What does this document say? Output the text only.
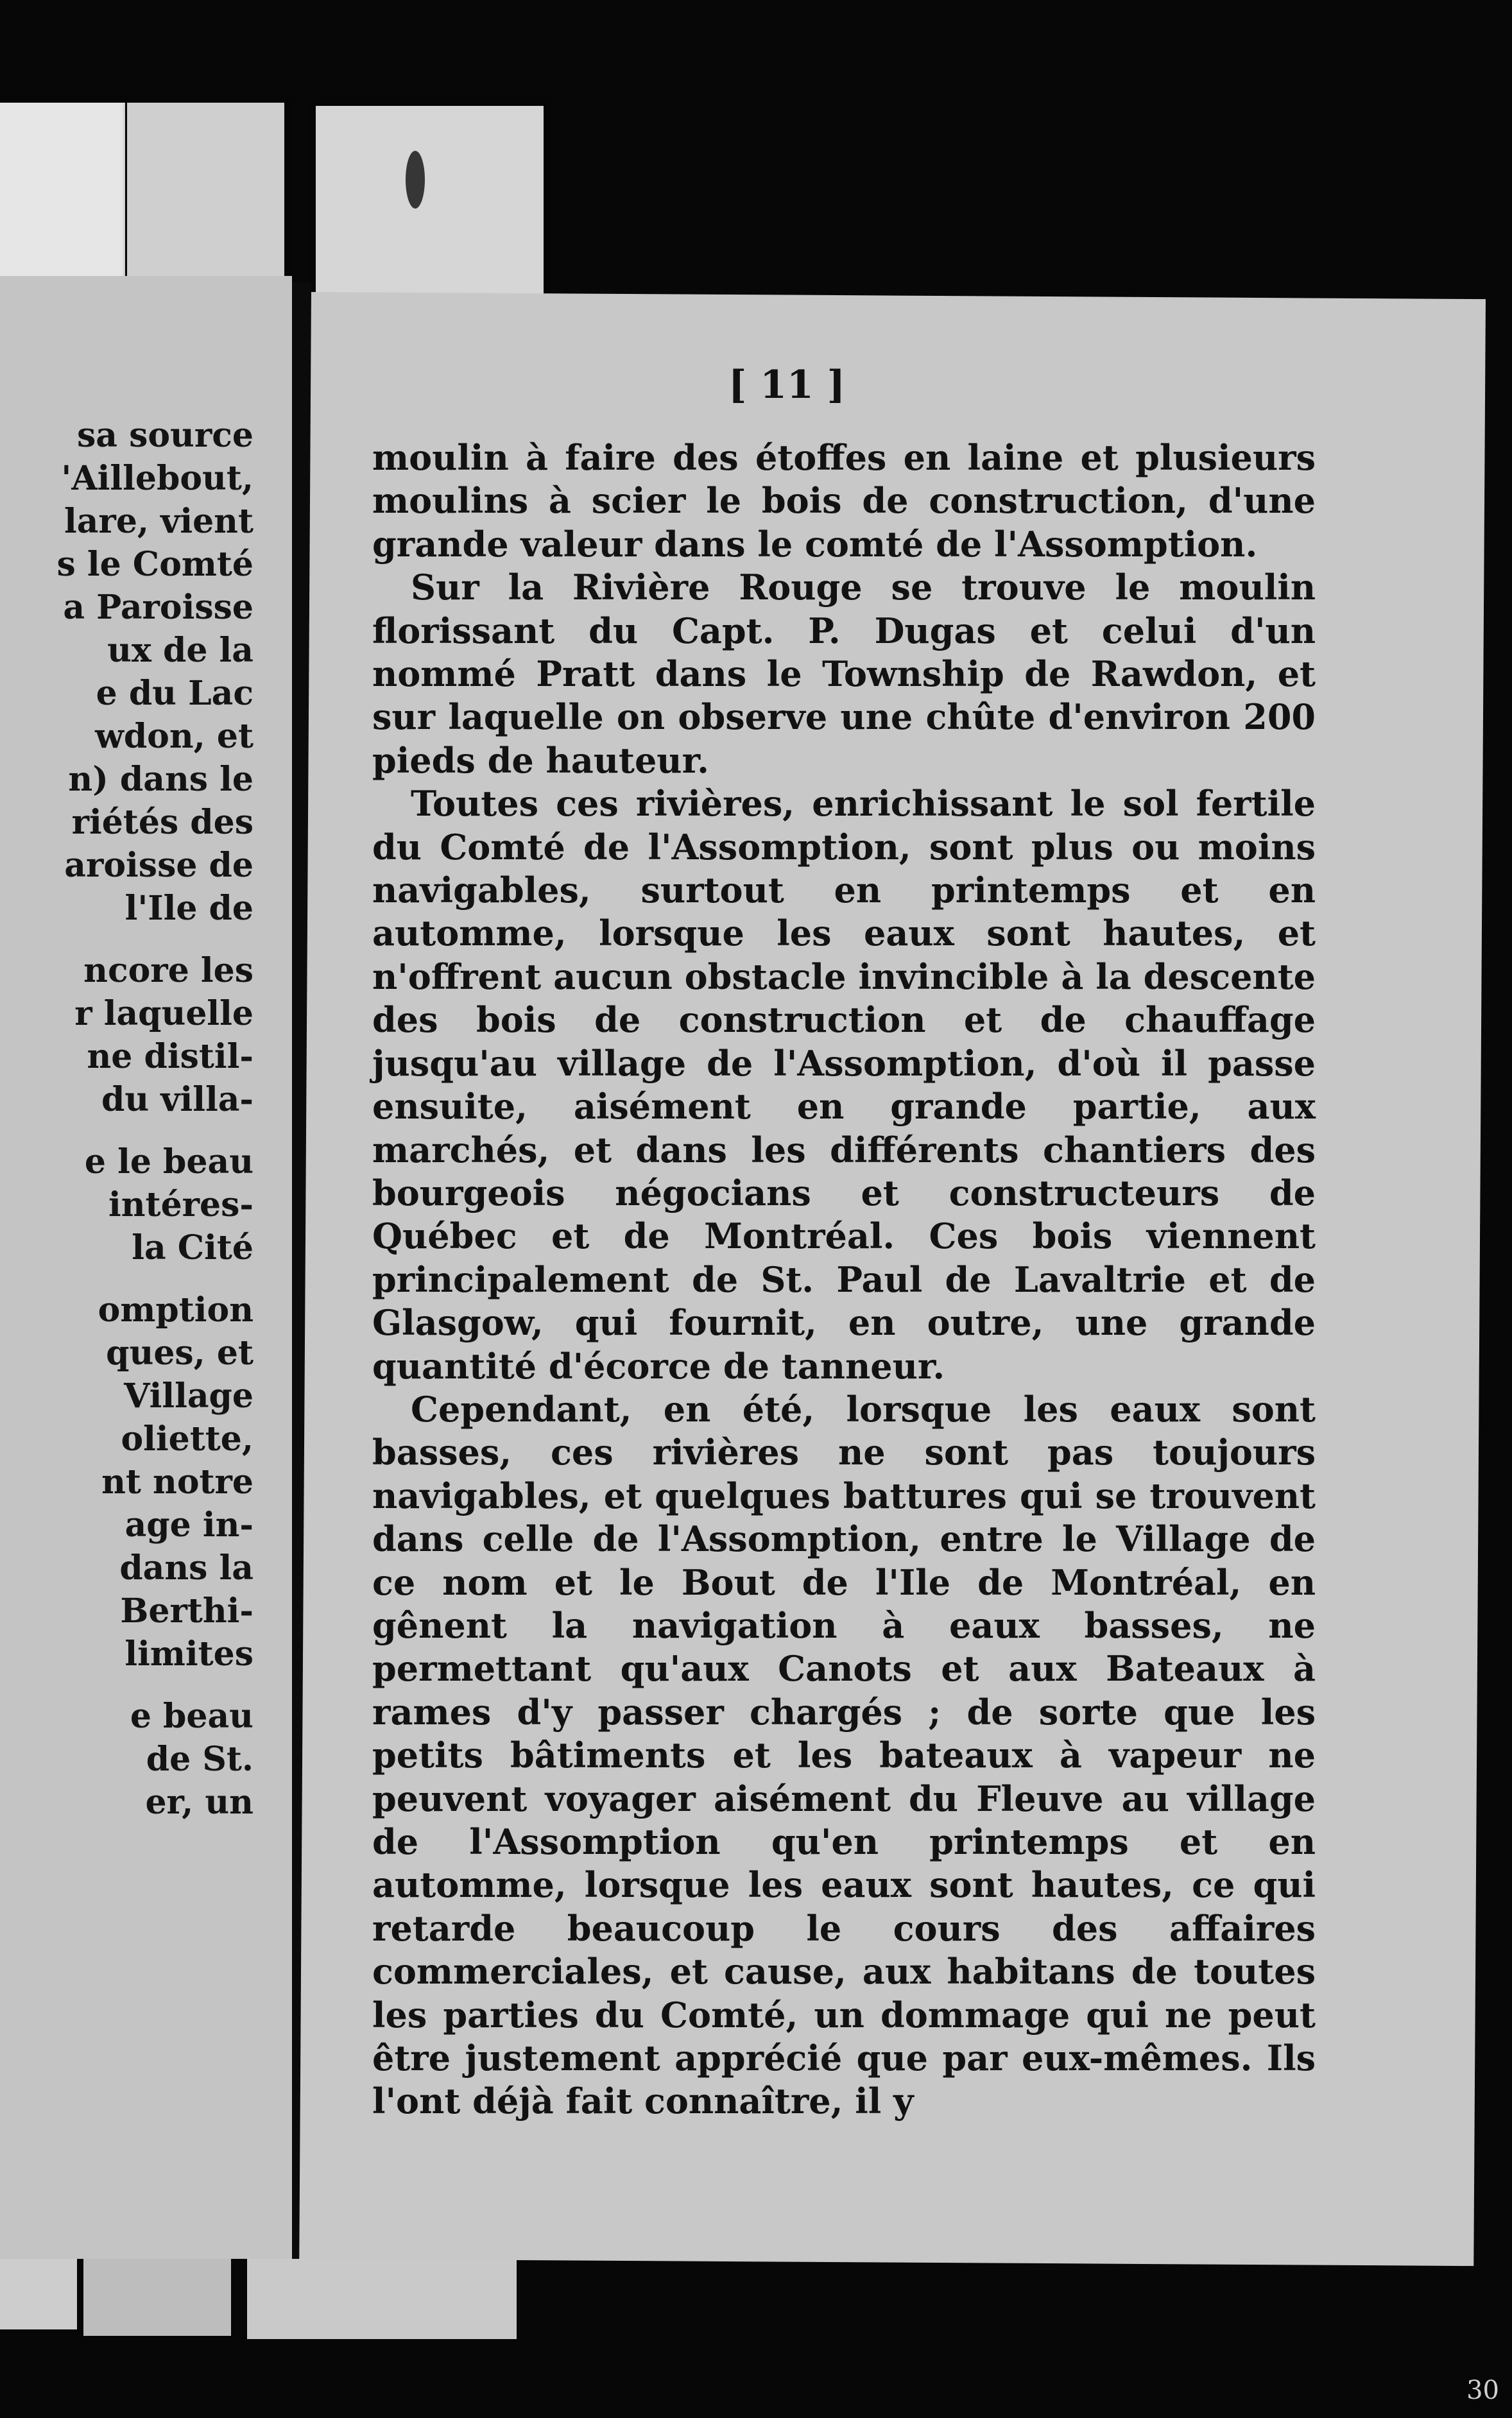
sa source
'Aillebout,
lare, vient
s le Comté
a Paroisse
ux de la
e du Lac
wdon, et
n) dans le
riétés des
aroisse de
l'Ile de
ncore les
r laquelle
ne distil-
du villa-
e le beau
intéres-
la Cité
omption
ques, et
Village
oliette,
nt notre
age in-
dans la
Berthi-
limites
e beau
de St.
er, un
[ 11 ]

moulin à faire des étoffes en laine et plusieurs moulins à scier le bois de construction, d'une grande valeur dans le comté de l'Assomption.

Sur la Rivière Rouge se trouve le moulin florissant du Capt. P. Dugas et celui d'un nommé Pratt dans le Township de Rawdon, et sur laquelle on observe une chûte d'environ 200 pieds de hauteur.

Toutes ces rivières, enrichissant le sol fertile du Comté de l'Assomption, sont plus ou moins navigables, surtout en printemps et en automme, lorsque les eaux sont hautes, et n'offrent aucun obstacle invincible à la descente des bois de construction et de chauffage jusqu'au village de l'Assomption, d'où il passe ensuite, aisément en grande partie, aux marchés, et dans les différents chantiers des bourgeois négocians et constructeurs de Québec et de Montréal. Ces bois viennent principalement de St. Paul de Lavaltrie et de Glasgow, qui fournit, en outre, une grande quantité d'écorce de tanneur.

Cependant, en été, lorsque les eaux sont basses, ces rivières ne sont pas toujours navigables, et quelques battures qui se trouvent dans celle de l'Assomption, entre le Village de ce nom et le Bout de l'Ile de Montréal, en gênent la navigation à eaux basses, ne permettant qu'aux Canots et aux Bateaux à rames d'y passer chargés ; de sorte que les petits bâtiments et les bateaux à vapeur ne peuvent voyager aisément du Fleuve au village de l'Assomption qu'en printemps et en automme, lorsque les eaux sont hautes, ce qui retarde beaucoup le cours des affaires commerciales, et cause, aux habitans de toutes les parties du Comté, un dommage qui ne peut être justement apprécié que par eux-mêmes. Ils l'ont déjà fait connaître, il y

30
